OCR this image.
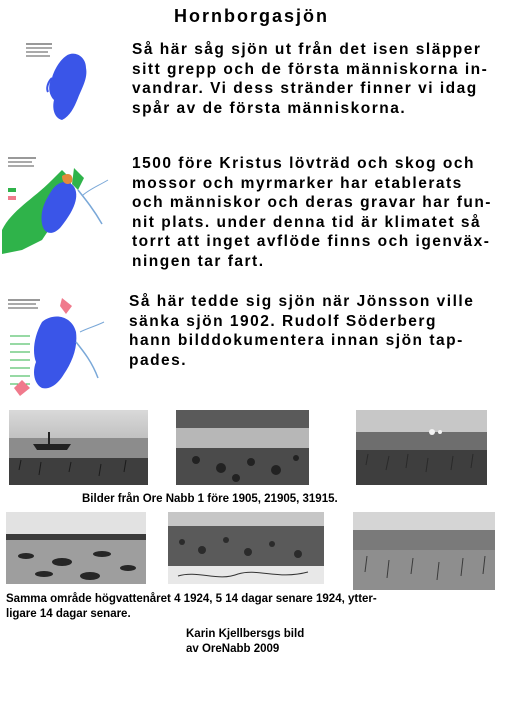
Hornborgasjön
Så här såg sjön ut från det isen släpper
sitt grepp och de första människorna in-
vandrar. Vi dess stränder finner vi idag
spår av de första människorna.
1500 före Kristus lövträd och skog och
mossor och myrmarker har etablerats
och människor och deras gravar har fun-
nit plats. under denna tid är klimatet så
torrt att inget avflöde finns och igenväx-
ningen tar fart.
Så här tedde sig sjön när Jönsson ville
sänka sjön 1902. Rudolf Söderberg
hann bilddokumentera innan sjön tap-
pades.
Bilder från Ore Nabb 1 före 1905, 21905, 31915.
Samma område högvattenåret 4 1924, 5 14 dagar senare 1924, ytter-
ligare 14 dagar senare.
Karin Kjellbersgs bild
av OreNabb 2009
